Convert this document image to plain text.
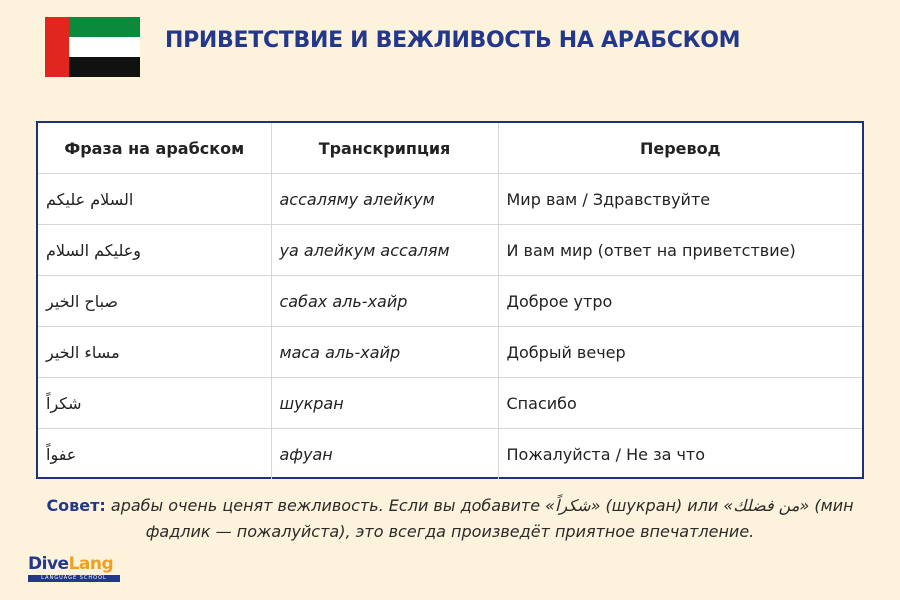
ПРИВЕТСТВИЕ И ВЕЖЛИВОСТЬ НА АРАБСКОМ
Фраза на арабском	Транскрипция	Перевод
السلام عليكم	ассаляму алейкум	Мир вам / Здравствуйте
وعليكم السلام	уа алейкум ассалям	И вам мир (ответ на приветствие)
صباح الخير	сабах аль-хайр	Доброе утро
مساء الخير	маса аль-хайр	Добрый вечер
شكراً	шукран	Спасибо
عفواً	афуан	Пожалуйста / Не за что
Совет: арабы очень ценят вежливость. Если вы добавите «شكراً» (шукран) или «من فضلك» (мин фадлик — пожалуйста), это всегда произведёт приятное впечатление.
DiveLang
LANGUAGE SCHOOL
